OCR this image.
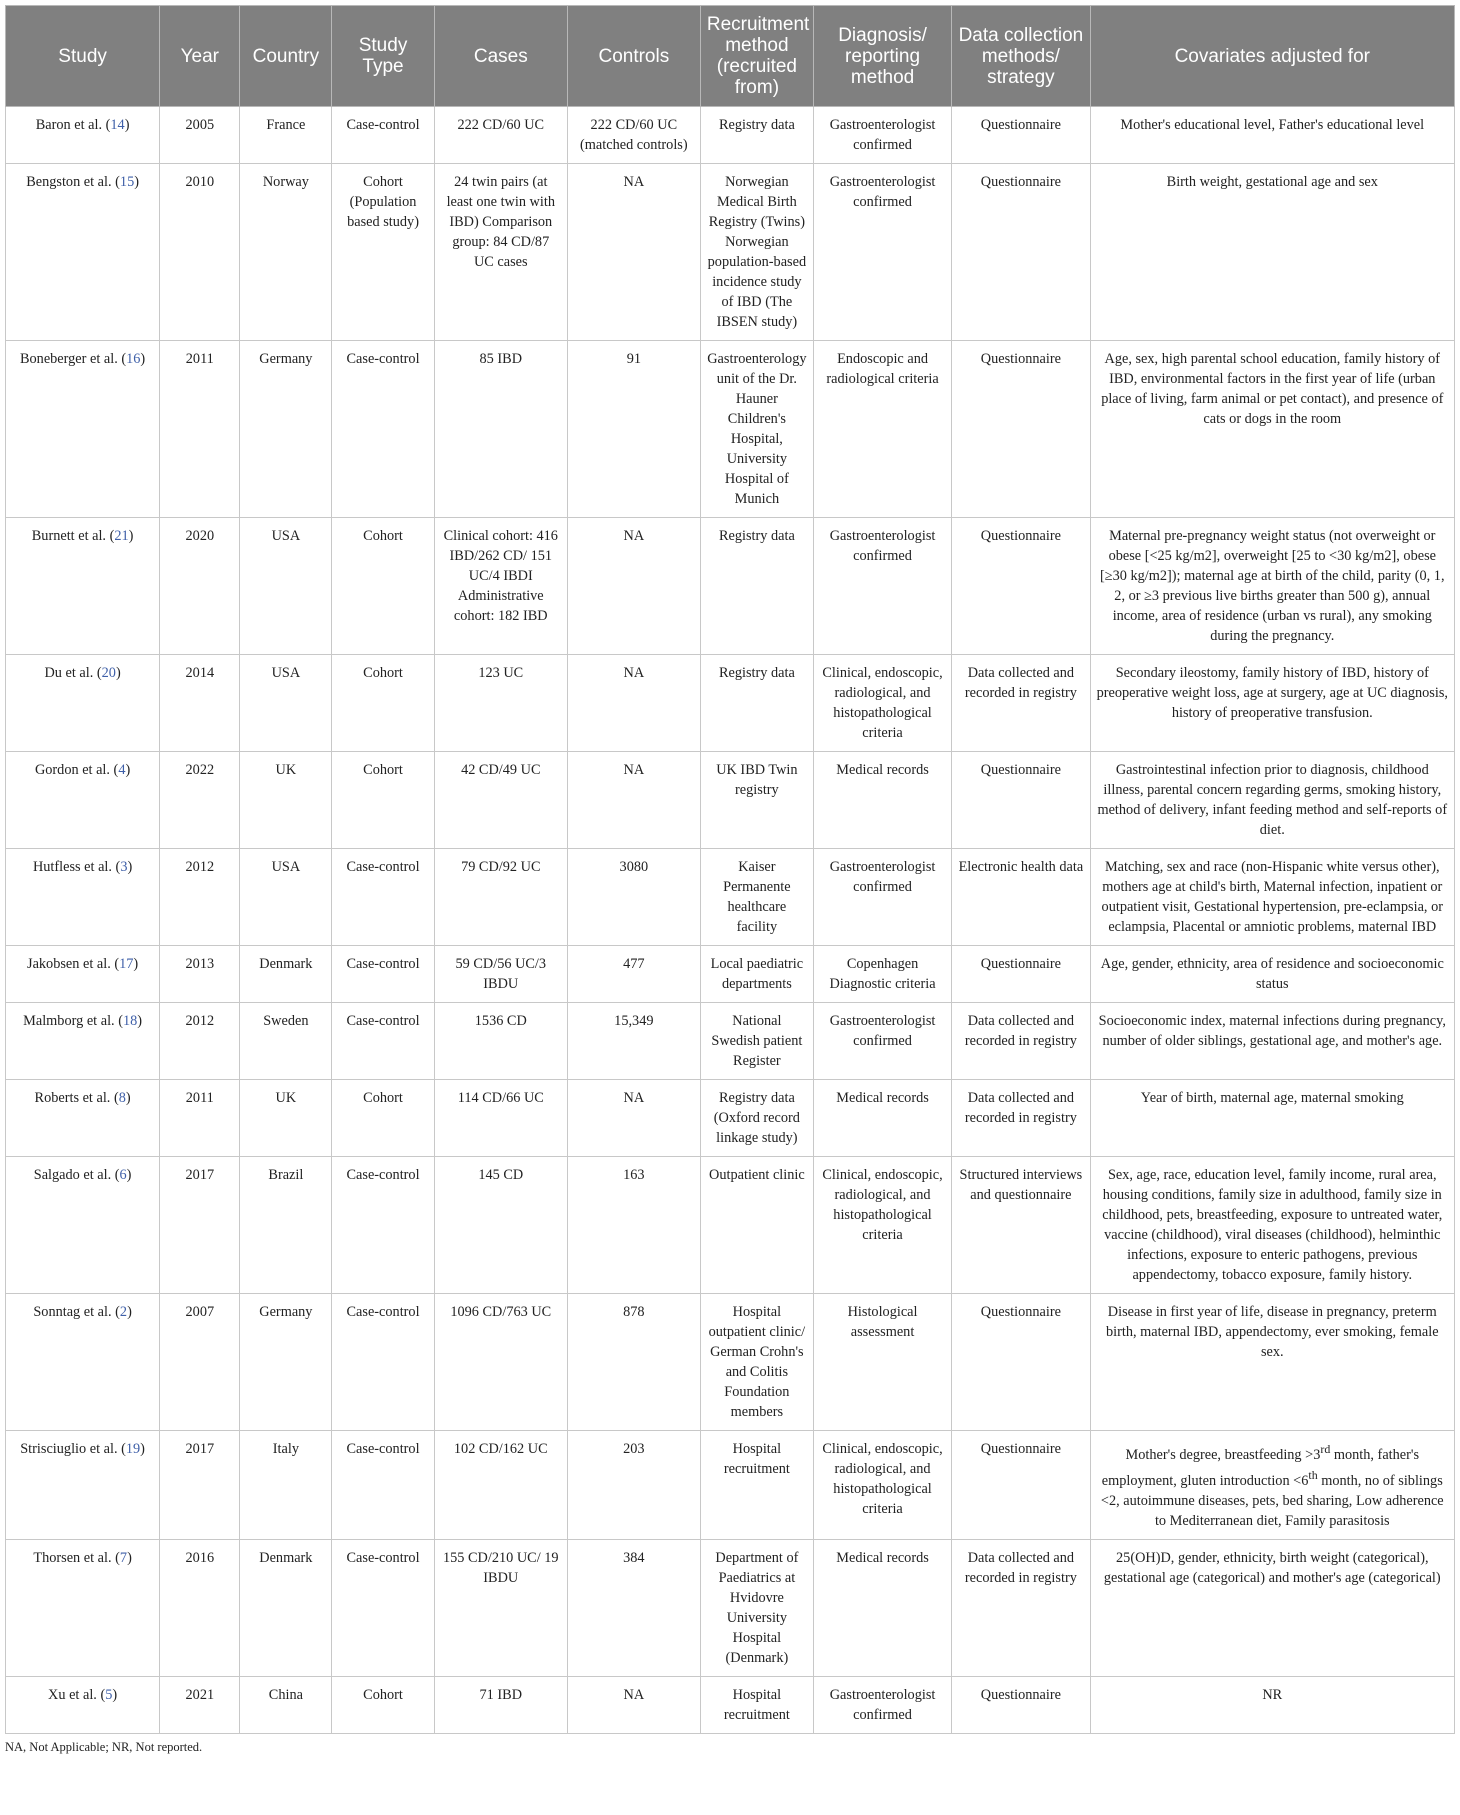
Study	Year	Country	Study Type	Cases	Controls	Recruitment method (recruited from)	Diagnosis/ reporting method	Data collection methods/ strategy	Covariates adjusted for
Baron et al. (14)	2005	France	Case-control	222 CD/60 UC	222 CD/60 UC (matched controls)	Registry data	Gastroenterologist confirmed	Questionnaire	Mother's educational level, Father's educational level
Bengston et al. (15)	2010	Norway	Cohort (Population based study)	24 twin pairs (at least one twin with IBD) Comparison group: 84 CD/87 UC cases	NA	Norwegian Medical Birth Registry (Twins) Norwegian population-based incidence study of IBD (The IBSEN study)	Gastroenterologist confirmed	Questionnaire	Birth weight, gestational age and sex
Boneberger et al. (16)	2011	Germany	Case-control	85 IBD	91	Gastroenterology unit of the Dr. Hauner Children's Hospital, University Hospital of Munich	Endoscopic and radiological criteria	Questionnaire	Age, sex, high parental school education, family history of IBD, environmental factors in the first year of life (urban place of living, farm animal or pet contact), and presence of cats or dogs in the room
Burnett et al. (21)	2020	USA	Cohort	Clinical cohort: 416 IBD/262 CD/ 151 UC/4 IBDI Administrative cohort: 182 IBD	NA	Registry data	Gastroenterologist confirmed	Questionnaire	Maternal pre-pregnancy weight status (not overweight or obese [<25 kg/m2], overweight [25 to <30 kg/m2], obese [≥30 kg/m2]); maternal age at birth of the child, parity (0, 1, 2, or ≥3 previous live births greater than 500 g), annual income, area of residence (urban vs rural), any smoking during the pregnancy.
Du et al. (20)	2014	USA	Cohort	123 UC	NA	Registry data	Clinical, endoscopic, radiological, and histopathological criteria	Data collected and recorded in registry	Secondary ileostomy, family history of IBD, history of preoperative weight loss, age at surgery, age at UC diagnosis, history of preoperative transfusion.
Gordon et al. (4)	2022	UK	Cohort	42 CD/49 UC	NA	UK IBD Twin registry	Medical records	Questionnaire	Gastrointestinal infection prior to diagnosis, childhood illness, parental concern regarding germs, smoking history, method of delivery, infant feeding method and self-reports of diet.
Hutfless et al. (3)	2012	USA	Case-control	79 CD/92 UC	3080	Kaiser Permanente healthcare facility	Gastroenterologist confirmed	Electronic health data	Matching, sex and race (non-Hispanic white versus other), mothers age at child's birth, Maternal infection, inpatient or outpatient visit, Gestational hypertension, pre-eclampsia, or eclampsia, Placental or amniotic problems, maternal IBD
Jakobsen et al. (17)	2013	Denmark	Case-control	59 CD/56 UC/3 IBDU	477	Local paediatric departments	Copenhagen Diagnostic criteria	Questionnaire	Age, gender, ethnicity, area of residence and socioeconomic status
Malmborg et al. (18)	2012	Sweden	Case-control	1536 CD	15,349	National Swedish patient Register	Gastroenterologist confirmed	Data collected and recorded in registry	Socioeconomic index, maternal infections during pregnancy, number of older siblings, gestational age, and mother's age.
Roberts et al. (8)	2011	UK	Cohort	114 CD/66 UC	NA	Registry data (Oxford record linkage study)	Medical records	Data collected and recorded in registry	Year of birth, maternal age, maternal smoking
Salgado et al. (6)	2017	Brazil	Case-control	145 CD	163	Outpatient clinic	Clinical, endoscopic, radiological, and histopathological criteria	Structured interviews and questionnaire	Sex, age, race, education level, family income, rural area, housing conditions, family size in adulthood, family size in childhood, pets, breastfeeding, exposure to untreated water, vaccine (childhood), viral diseases (childhood), helminthic infections, exposure to enteric pathogens, previous appendectomy, tobacco exposure, family history.
Sonntag et al. (2)	2007	Germany	Case-control	1096 CD/763 UC	878	Hospital outpatient clinic/ German Crohn's and Colitis Foundation members	Histological assessment	Questionnaire	Disease in first year of life, disease in pregnancy, preterm birth, maternal IBD, appendectomy, ever smoking, female sex.
Strisciuglio et al. (19)	2017	Italy	Case-control	102 CD/162 UC	203	Hospital recruitment	Clinical, endoscopic, radiological, and histopathological criteria	Questionnaire	Mother's degree, breastfeeding >3rd month, father's employment, gluten introduction <6th month, no of siblings <2, autoimmune diseases, pets, bed sharing, Low adherence to Mediterranean diet, Family parasitosis
Thorsen et al. (7)	2016	Denmark	Case-control	155 CD/210 UC/ 19 IBDU	384	Department of Paediatrics at Hvidovre University Hospital (Denmark)	Medical records	Data collected and recorded in registry	25(OH)D, gender, ethnicity, birth weight (categorical), gestational age (categorical) and mother's age (categorical)
Xu et al. (5)	2021	China	Cohort	71 IBD	NA	Hospital recruitment	Gastroenterologist confirmed	Questionnaire	NR
NA, Not Applicable; NR, Not reported.
